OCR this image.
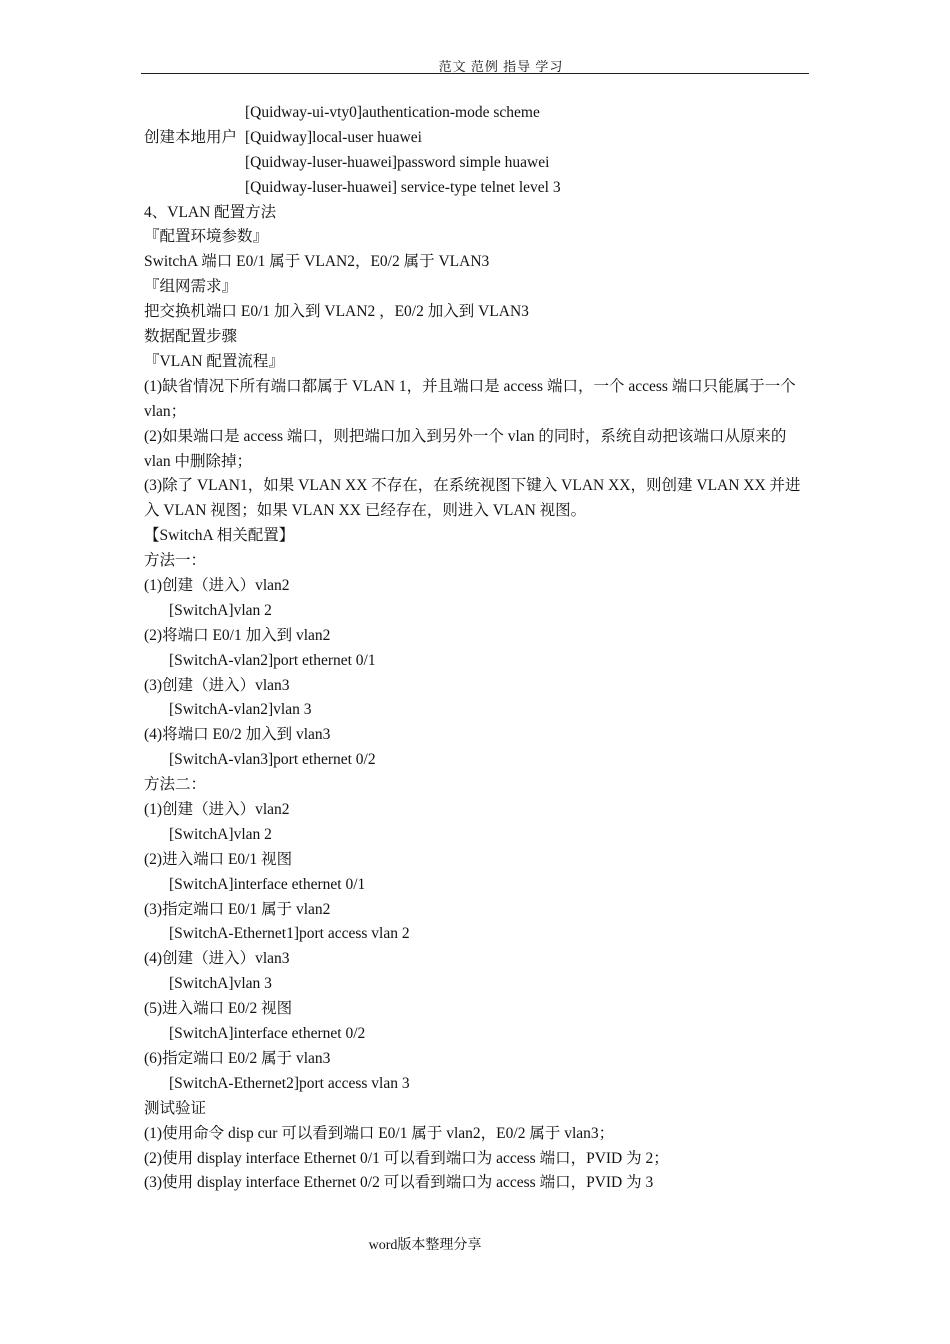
范文 范例 指导 学习
[Quidway-ui-vty0]authentication-mode scheme
创建本地用户 [Quidway]local-user huawei
[Quidway-luser-huawei]password simple huawei
[Quidway-luser-huawei] service-type telnet level 3
4、VLAN 配置方法
『配置环境参数』
SwitchA 端口 E0/1 属于 VLAN2，E0/2 属于 VLAN3
『组网需求』
把交换机端口 E0/1 加入到 VLAN2 ，E0/2 加入到 VLAN3
数据配置步骤
『VLAN 配置流程』
(1)缺省情况下所有端口都属于 VLAN 1，并且端口是 access 端口，一个 access 端口只能属于一个 vlan；
(2)如果端口是 access 端口，则把端口加入到另外一个 vlan 的同时，系统自动把该端口从原来的 vlan 中删除掉；
(3)除了 VLAN1，如果 VLAN XX 不存在，在系统视图下键入 VLAN XX，则创建 VLAN XX 并进入 VLAN 视图；如果 VLAN XX 已经存在，则进入 VLAN 视图。
【SwitchA 相关配置】
方法一：
(1)创建（进入）vlan2
[SwitchA]vlan 2
(2)将端口 E0/1 加入到 vlan2
[SwitchA-vlan2]port ethernet 0/1
(3)创建（进入）vlan3
[SwitchA-vlan2]vlan 3
(4)将端口 E0/2 加入到 vlan3
[SwitchA-vlan3]port ethernet 0/2
方法二：
(1)创建（进入）vlan2
[SwitchA]vlan 2
(2)进入端口 E0/1 视图
[SwitchA]interface ethernet 0/1
(3)指定端口 E0/1 属于 vlan2
[SwitchA-Ethernet1]port access vlan 2
(4)创建（进入）vlan3
[SwitchA]vlan 3
(5)进入端口 E0/2 视图
[SwitchA]interface ethernet 0/2
(6)指定端口 E0/2 属于 vlan3
[SwitchA-Ethernet2]port access vlan 3
测试验证
(1)使用命令 disp cur 可以看到端口 E0/1 属于 vlan2，E0/2 属于 vlan3；
(2)使用 display interface Ethernet 0/1 可以看到端口为 access 端口，PVID 为 2；
(3)使用 display interface Ethernet 0/2 可以看到端口为 access 端口，PVID 为 3
word版本整理分享
